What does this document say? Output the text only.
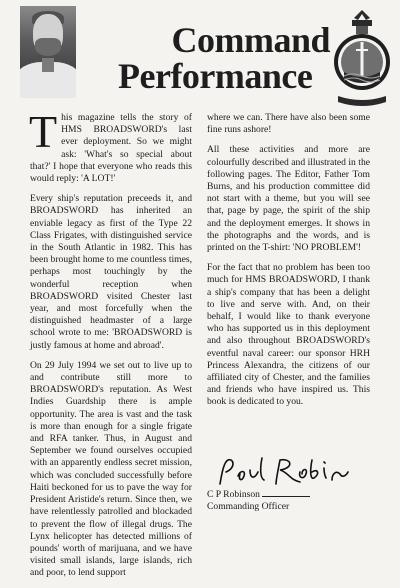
Command
Performance

This magazine tells the story of HMS BROADSWORD's last ever deployment. So we might ask: 'What's so special about that?' I hope that everyone who reads this would reply: 'A LOT!'

Every ship's reputation preceeds it, and BROADSWORD has inherited an enviable legacy as first of the Type 22 Class Frigates, with distinguished service in the South Atlantic in 1982. This has been brought home to me countless times, perhaps most touchingly by the wonderful reception when BROADSWORD visited Chester last year, and most forcefully when the distinguished headmaster of a large school wrote to me: 'BROADSWORD is justly famous at home and abroad'.

On 29 July 1994 we set out to live up to and contribute still more to BROADSWORD's reputation. As West Indies Guardship there is ample opportunity. The area is vast and the task is more than enough for a single frigate and RFA tanker. Thus, in August and September we found ourselves occupied with an apparently endless secret mission, which was concluded successfully before Haiti beckoned for us to pave the way for President Aristide's return. Since then, we have relentlessly patrolled and blockaded to prevent the flow of illegal drugs. The Lynx helicopter has detected millions of pounds' worth of marijuana, and we have visited small islands, large islands, rich and poor, to lend support

where we can. There have also been some fine runs ashore!

All these activities and more are colourfully described and illustrated in the following pages. The Editor, Father Tom Burns, and his production committee did not start with a theme, but you will see that, page by page, the spirit of the ship and the deployment emerges. It shows in the photographs and the words, and is printed on the T-shirt: 'NO PROBLEM'!

For the fact that no problem has been too much for HMS BROADSWORD, I thank a ship's company that has been a delight to live and serve with. And, on their behalf, I would like to thank everyone who has supported us in this deployment and also throughout BROADSWORD's eventful naval career: our sponsor HRH Princess Alexandra, the citizens of our affiliated city of Chester, and the families and friends who have inspired us. This book is dedicated to you.

C P Robinson
Commanding Officer
